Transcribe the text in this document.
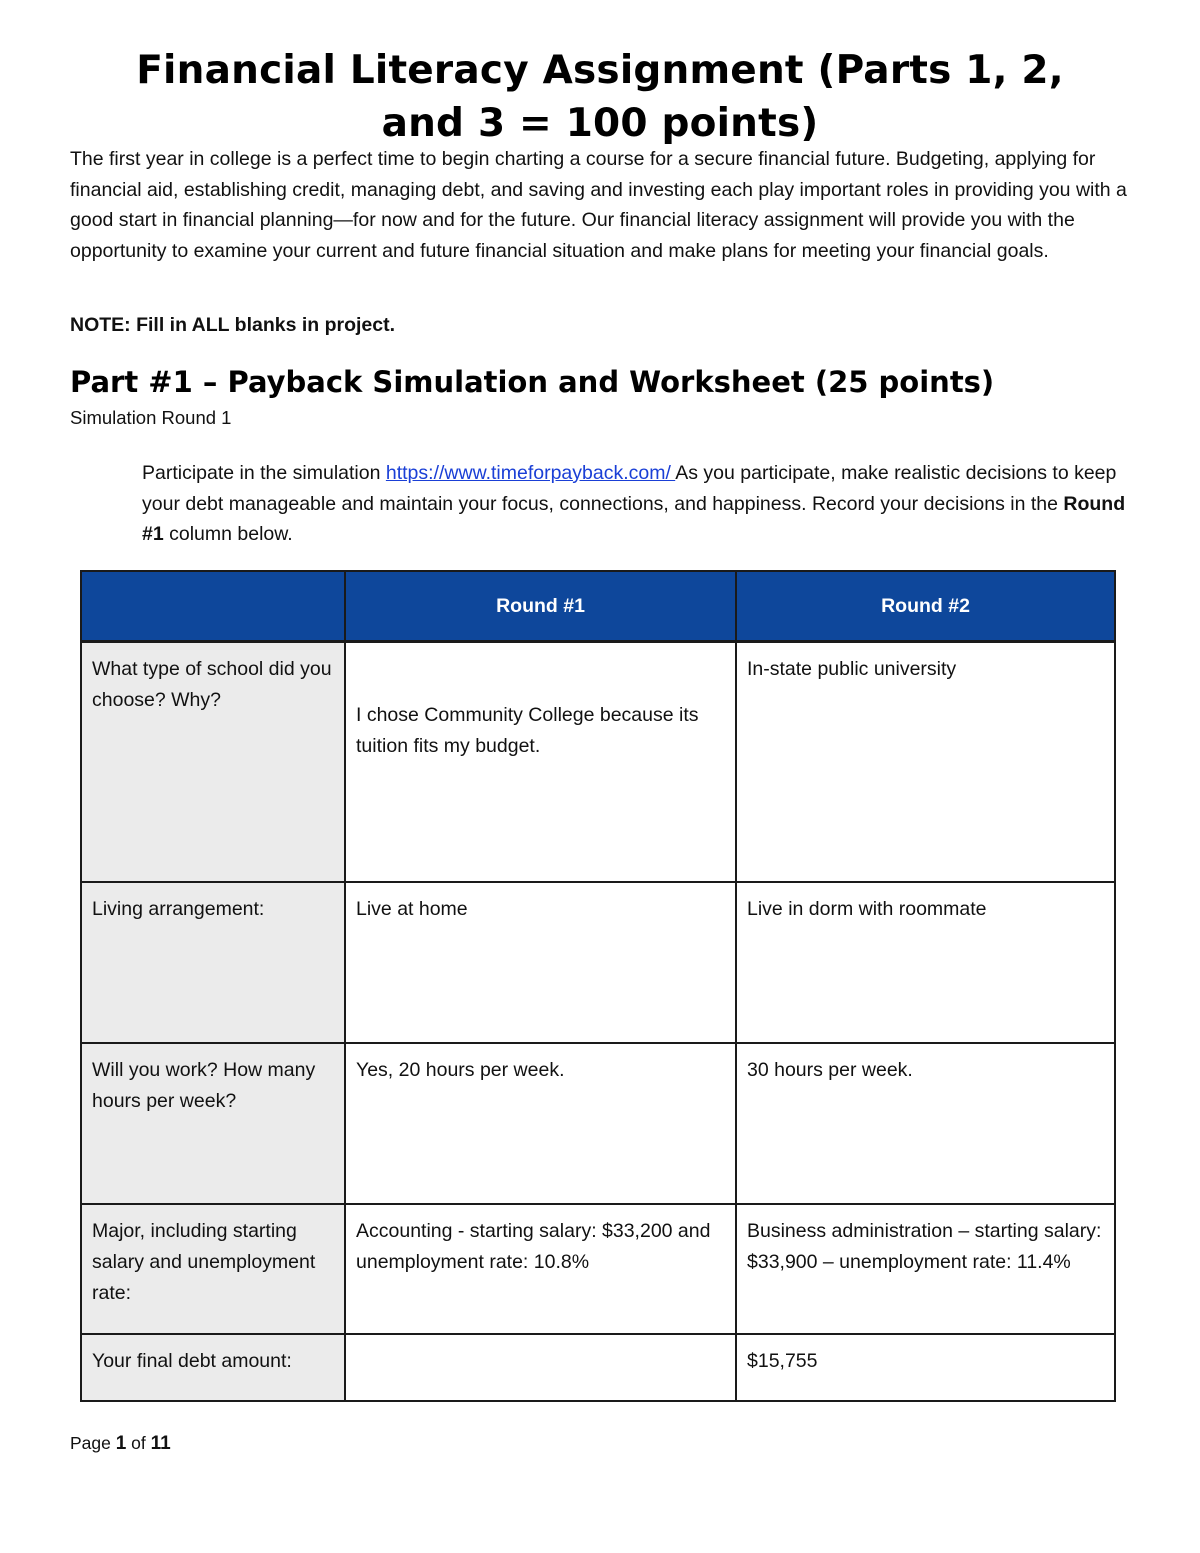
Financial Literacy Assignment (Parts 1, 2,
and 3 = 100 points)

The first year in college is a perfect time to begin charting a course for a secure financial future. Budgeting, applying for financial aid, establishing credit, managing debt, and saving and investing each play important roles in providing you with a good start in financial planning—for now and for the future. Our financial literacy assignment will provide you with the opportunity to examine your current and future financial situation and make plans for meeting your financial goals.

NOTE: Fill in ALL blanks in project.

Part #1 – Payback Simulation and Worksheet (25 points)

Simulation Round 1

Participate in the simulation https://www.timeforpayback.com/ As you participate, make realistic decisions to keep your debt manageable and maintain your focus, connections, and happiness. Record your decisions in the Round #1 column below.

	Round #1	Round #2
What type of school did you choose? Why?	I chose Community College because its tuition fits my budget.	In-state public university
Living arrangement:	Live at home	Live in dorm with roommate
Will you work? How many hours per week?	Yes, 20 hours per week.	30 hours per week.
Major, including starting salary and unemployment rate:	Accounting - starting salary: $33,200 and unemployment rate: 10.8%	Business administration – starting salary: $33,900 – unemployment rate: 11.4%
Your final debt amount:		$15,755

Page 1 of 11
